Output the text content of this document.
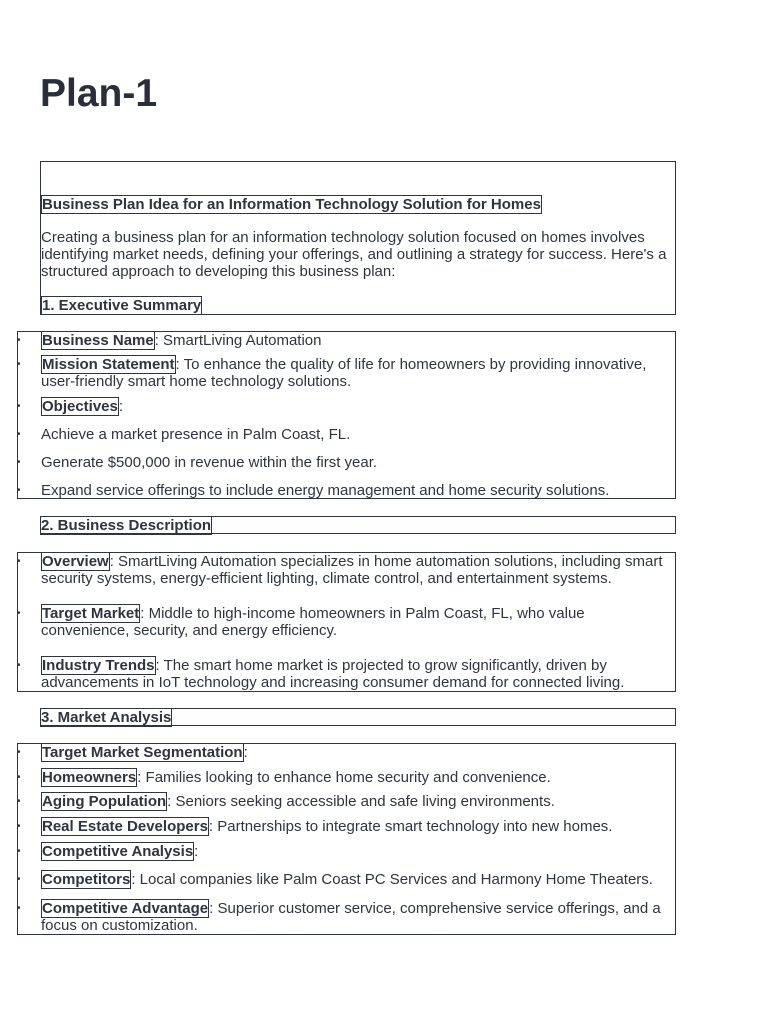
Plan-1
Business Plan Idea for an Information Technology Solution for Homes

Creating a business plan for an information technology solution focused on homes involves identifying market needs, defining your offerings, and outlining a strategy for success. Here's a structured approach to developing this business plan:

1. Executive Summary
• Business Name: SmartLiving Automation
• Mission Statement: To enhance the quality of life for homeowners by providing innovative, user-friendly smart home technology solutions.
• Objectives:
• Achieve a market presence in Palm Coast, FL.
• Generate $500,000 in revenue within the first year.
• Expand service offerings to include energy management and home security solutions.
2. Business Description
• Overview: SmartLiving Automation specializes in home automation solutions, including smart security systems, energy-efficient lighting, climate control, and entertainment systems.
• Target Market: Middle to high-income homeowners in Palm Coast, FL, who value convenience, security, and energy efficiency.
• Industry Trends: The smart home market is projected to grow significantly, driven by advancements in IoT technology and increasing consumer demand for connected living.
3. Market Analysis
• Target Market Segmentation:
• Homeowners: Families looking to enhance home security and convenience.
• Aging Population: Seniors seeking accessible and safe living environments.
• Real Estate Developers: Partnerships to integrate smart technology into new homes.
• Competitive Analysis:
• Competitors: Local companies like Palm Coast PC Services and Harmony Home Theaters.
• Competitive Advantage: Superior customer service, comprehensive service offerings, and a focus on customization.
